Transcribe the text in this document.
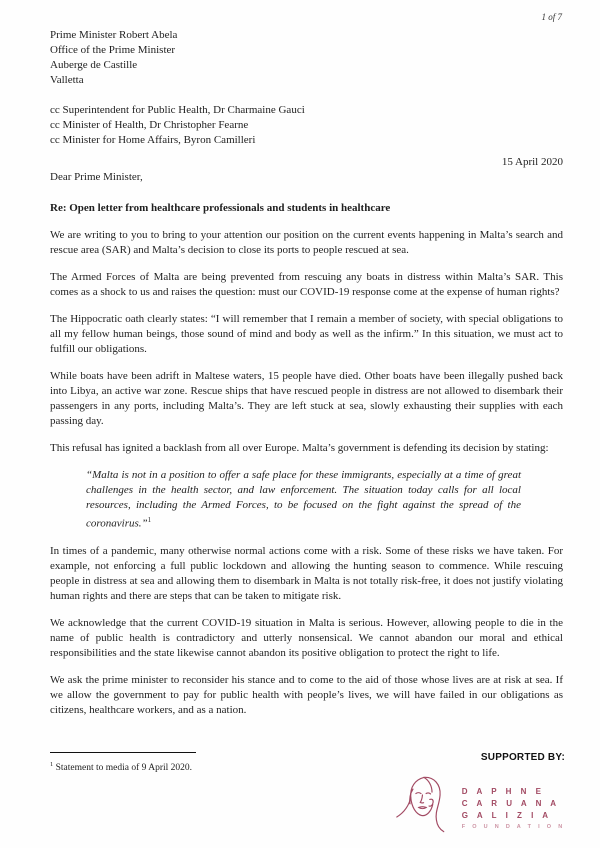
1 of 7
Prime Minister Robert Abela
Office of the Prime Minister
Auberge de Castille
Valletta
cc Superintendent for Public Health, Dr Charmaine Gauci
cc Minister of Health, Dr Christopher Fearne
cc Minister for Home Affairs, Byron Camilleri
15 April 2020
Dear Prime Minister,
Re: Open letter from healthcare professionals and students in healthcare

We are writing to you to bring to your attention our position on the current events happening in Malta’s search and rescue area (SAR) and Malta’s decision to close its ports to people rescued at sea.

The Armed Forces of Malta are being prevented from rescuing any boats in distress within Malta’s SAR. This comes as a shock to us and raises the question: must our COVID-19 response come at the expense of human rights?

The Hippocratic oath clearly states: “I will remember that I remain a member of society, with special obligations to all my fellow human beings, those sound of mind and body as well as the infirm.” In this situation, we must act to fulfill our obligations.

While boats have been adrift in Maltese waters, 15 people have died. Other boats have been illegally pushed back into Libya, an active war zone. Rescue ships that have rescued people in distress are not allowed to disembark their passengers in any ports, including Malta’s. They are left stuck at sea, slowly exhausting their supplies with each passing day.

This refusal has ignited a backlash from all over Europe. Malta’s government is defending its decision by stating:

“Malta is not in a position to offer a safe place for these immigrants, especially at a time of great challenges in the health sector, and law enforcement. The situation today calls for all local resources, including the Armed Forces, to be focused on the fight against the spread of the coronavirus.”$^1$

In times of a pandemic, many otherwise normal actions come with a risk. Some of these risks we have taken. For example, not enforcing a full public lockdown and allowing the hunting season to commence. While rescuing people in distress at sea and allowing them to disembark in Malta is not totally risk-free, it does not justify violating human rights and there are steps that can be taken to mitigate risk.

We acknowledge that the current COVID-19 situation in Malta is serious. However, allowing people to die in the name of public health is contradictory and utterly nonsensical. We cannot abandon our moral and ethical responsibilities and the state likewise cannot abandon its positive obligation to protect the right to life.

We ask the prime minister to reconsider his stance and to come to the aid of those whose lives are at risk at sea. If we allow the government to pay for public health with people’s lives, we will have failed in our obligations as citizens, healthcare workers, and as a nation.

$^1$ Statement to media of 9 April 2020.
SUPPORTED BY:
D A P H N E
C A R U A N A
G A L I Z I A
F O U N D A T I O N
